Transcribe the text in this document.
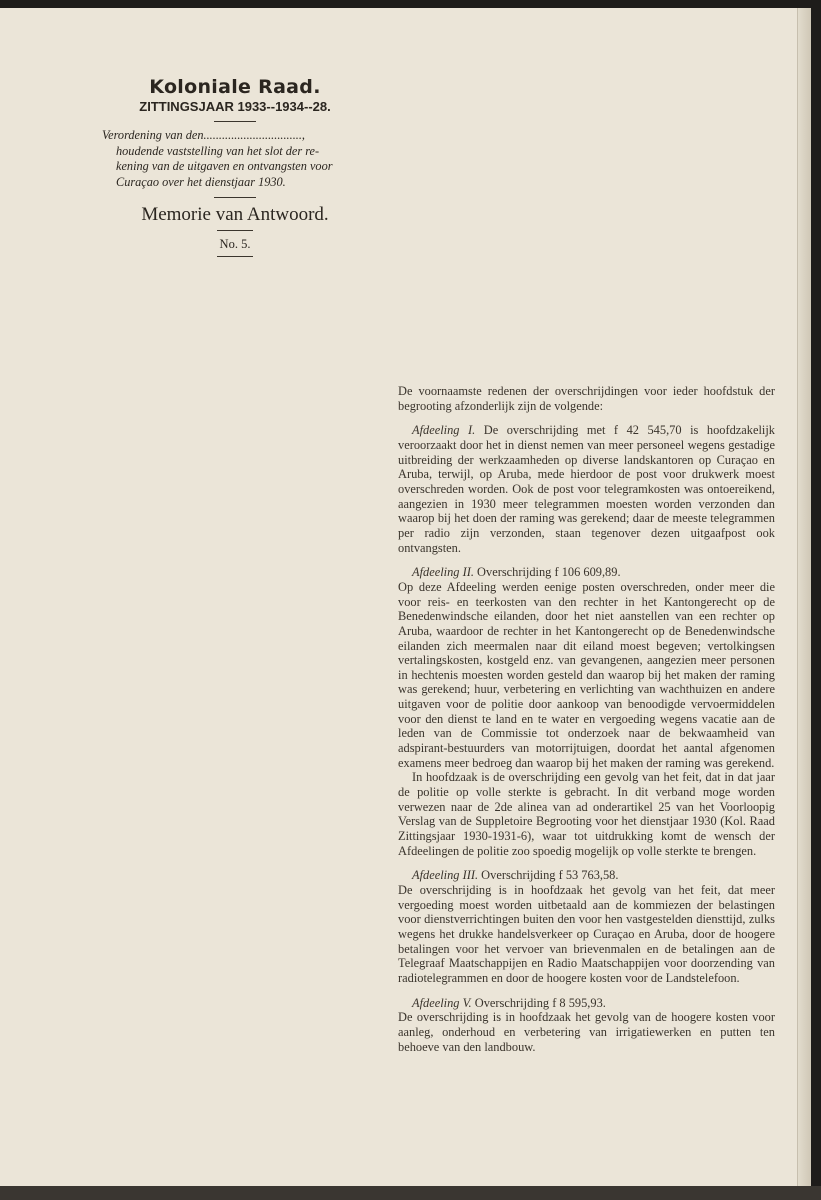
Koloniale Raad.
ZITTINGSJAAR 1933--1934--28.
Verordening van den................................,

houdende vaststelling van het slot der re-
kening van de uitgaven en ontvangsten voor
Curaçao over het dienstjaar 1930.
Memorie van Antwoord.
No. 5.

De voornaamste redenen der overschrijdingen voor ieder hoofdstuk der begrooting afzonderlijk zijn de volgende:

Afdeeling I. De overschrijding met f 42 545,70 is hoofdzakelijk veroorzaakt door het in dienst nemen van meer personeel wegens gestadige uitbreiding der werkzaamheden op diverse landskantoren op Curaçao en Aruba, terwijl, op Aruba, mede hierdoor de post voor drukwerk moest overschreden worden. Ook de post voor telegramkosten was ontoereikend, aangezien in 1930 meer telegrammen moesten worden verzonden dan waarop bij het doen der raming was gerekend; daar de meeste telegrammen per radio zijn verzonden, staan tegenover dezen uitgaafpost ook ontvangsten.

Afdeeling II. Overschrijding f 106 609,89.

Op deze Afdeeling werden eenige posten overschreden, onder meer die voor reis- en teerkosten van den rechter in het Kantongerecht op de Benedenwindsche eilanden, door het niet aanstellen van een rechter op Aruba, waardoor de rechter in het Kantongerecht op de Benedenwindsche eilanden zich meermalen naar dit eiland moest begeven; vertolkingsen vertalingskosten, kostgeld enz. van gevangenen, aangezien meer personen in hechtenis moesten worden gesteld dan waarop bij het maken der raming was gerekend; huur, verbetering en verlichting van wachthuizen en andere uitgaven voor de politie door aankoop van benoodigde vervoermiddelen voor den dienst te land en te water en vergoeding wegens vacatie aan de leden van de Commissie tot onderzoek naar de bekwaamheid van adspirant-bestuurders van motorrijtuigen, doordat het aantal afgenomen examens meer bedroeg dan waarop bij het maken der raming was gerekend.

In hoofdzaak is de overschrijding een gevolg van het feit, dat in dat jaar de politie op volle sterkte is gebracht. In dit verband moge worden verwezen naar de 2de alinea van ad onderartikel 25 van het Voorloopig Verslag van de Suppletoire Begrooting voor het dienstjaar 1930 (Kol. Raad Zittingsjaar 1930-1931-6), waar tot uitdrukking komt de wensch der Afdeelingen de politie zoo spoedig mogelijk op volle sterkte te brengen.

Afdeeling III. Overschrijding f 53 763,58.

De overschrijding is in hoofdzaak het gevolg van het feit, dat meer vergoeding moest worden uitbetaald aan de kommiezen der belastingen voor dienstverrichtingen buiten den voor hen vastgestelden diensttijd, zulks wegens het drukke handelsverkeer op Curaçao en Aruba, door de hoogere betalingen voor het vervoer van brievenmalen en de betalingen aan de Telegraaf Maatschappijen en Radio Maatschappijen voor doorzending van radiotelegrammen en door de hoogere kosten voor de Landstelefoon.

Afdeeling V. Overschrijding f 8 595,93.

De overschrijding is in hoofdzaak het gevolg van de hoogere kosten voor aanleg, onderhoud en verbetering van irrigatiewerken en putten ten behoeve van den landbouw.
